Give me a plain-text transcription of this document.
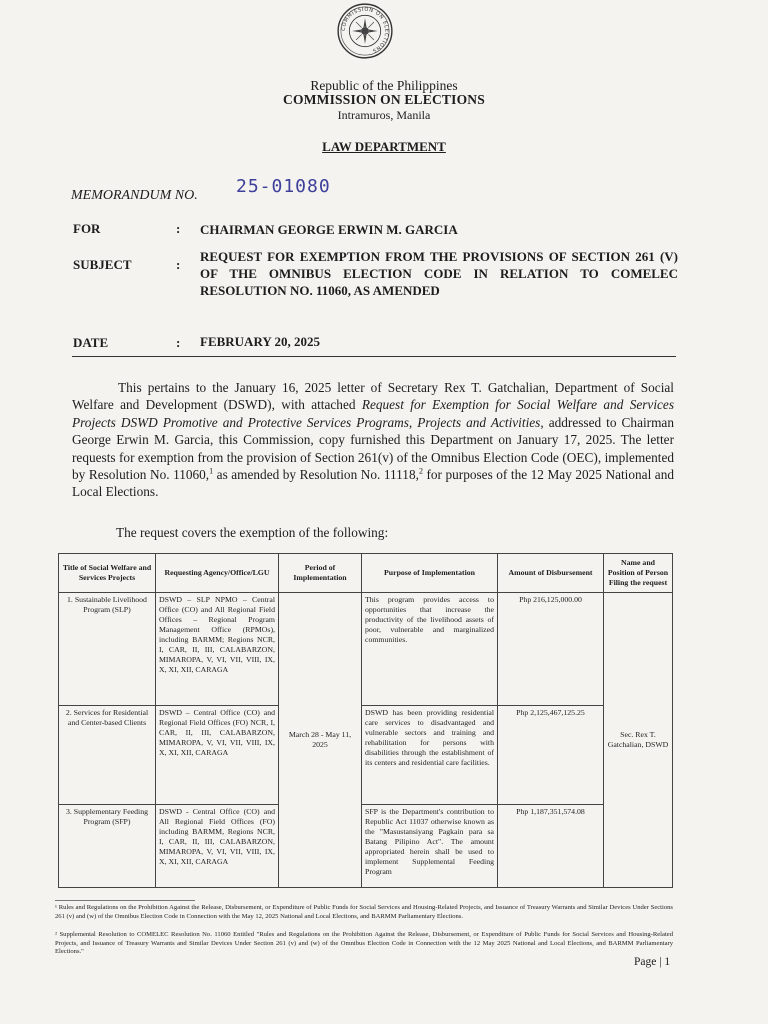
COMMISSION ON ELECTIONS
Republic of the Philippines
COMMISSION ON ELECTIONS
Intramuros, Manila
LAW DEPARTMENT
MEMORANDUM NO. 25-01080
FOR	: CHAIRMAN GEORGE ERWIN M. GARCIA
SUBJECT	:
REQUEST FOR EXEMPTION FROM THE PROVISIONS OF SECTION 261 (V) OF THE OMNIBUS ELECTION CODE IN RELATION TO COMELEC RESOLUTION NO. 11060, AS AMENDED
DATE	: FEBRUARY 20, 2025
This pertains to the January 16, 2025 letter of Secretary Rex T. Gatchalian, Department of Social Welfare and Development (DSWD), with attached Request for Exemption for Social Welfare and Services Projects DSWD Promotive and Protective Services Programs, Projects and Activities, addressed to Chairman George Erwin M. Garcia, this Commission, copy furnished this Department on January 17, 2025. The letter requests for exemption from the provision of Section 261(v) of the Omnibus Election Code (OEC), implemented by Resolution No. 11060,$^1$ as amended by Resolution No. 11118,$^2$ for purposes of the 12 May 2025 National and Local Elections.
The request covers the exemption of the following:
Title of Social Welfare and Services Projects	Requesting Agency/Office/LGU	Period of Implementation	Purpose of Implementation	Amount of Disbursement	Name and Position of Person Filing the request
1. Sustainable Livelihood Program (SLP)	DSWD – SLP NPMO – Central Office (CO) and All Regional Field Offices – Regional Program Management Office (RPMOs), including BARMM; Regions NCR, I, CAR, II, III, CALABARZON, MIMAROPA, V, VI, VII, VIII, IX, X, XI, XII, CARAGA	March 28 - May 11, 2025	This program provides access to opportunities that increase the productivity of the livelihood assets of poor, vulnerable and marginalized communities.	Php 216,125,000.00	Sec. Rex T. Gatchalian, DSWD
2. Services for Residential and Center-based Clients	DSWD – Central Office (CO) and Regional Field Offices (FO) NCR, I, CAR, II, III, CALABARZON, MIMAROPA, V, VI, VII, VIII, IX, X, XI, XII, CARAGA		DSWD has been providing residential care services to disadvantaged and vulnerable sectors and training and rehabilitation for persons with disabilities through the establishment of its centers and residential care facilities.	Php 2,125,467,125.25	
3. Supplementary Feeding Program (SFP)	DSWD - Central Office (CO) and All Regional Field Offices (FO) including BARMM, Regions NCR, I, CAR, II, III, CALABARZON, MIMAROPA, V, VI, VII, VIII, IX, X, XI, XII, CARAGA		SFP is the Department's contribution to Republic Act 11037 otherwise known as the "Masustansiyang Pagkain para sa Batang Pilipino Act". The amount appropriated herein shall be used to implement Supplemental Feeding Program	Php 1,187,351,574.08	
¹ Rules and Regulations on the Prohibition Against the Release, Disbursement, or Expenditure of Public Funds for Social Services and Housing-Related Projects, and Issuance of Treasury Warrants and Similar Devices Under Sections 261 (v) and (w) of the Omnibus Election Code in Connection with the May 12, 2025 National and Local Elections, and BARMM Parliamentary Elections.
² Supplemental Resolution to COMELEC Resolution No. 11060 Entitled "Rules and Regulations on the Prohibition Against the Release, Disbursement, or Expenditure of Public Funds for Social Services and Housing-Related Projects, and Issuance of Treasury Warrants and Similar Devices Under Section 261 (v) and (w) of the Omnibus Election Code in Connection with the 12 May 2025 National and Local Elections, and BARMM Parliamentary Elections."
Page | 1
